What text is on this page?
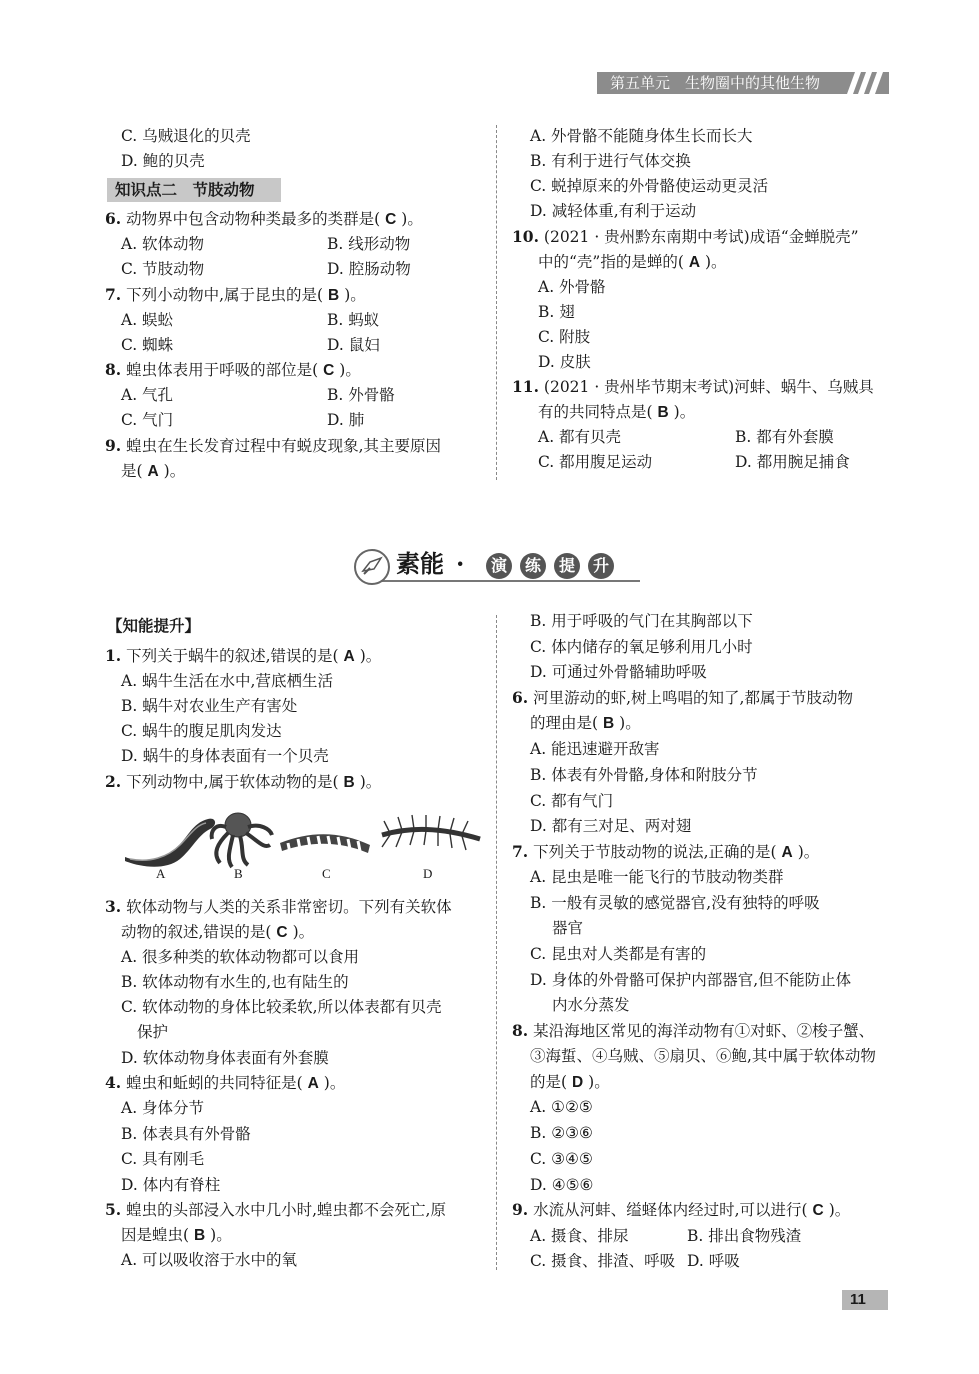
第五单元　生物圈中的其他生物
C. 乌贼退化的贝壳
D. 鲍的贝壳
知识点二　节肢动物
6. 动物界中包含动物种类最多的类群是( C )。
A. 软体动物	B. 线形动物
C. 节肢动物	D. 腔肠动物
7. 下列小动物中,属于昆虫的是( B )。
A. 蜈蚣	B. 蚂蚁
C. 蜘蛛	D. 鼠妇
8. 蝗虫体表用于呼吸的部位是( C )。
A. 气孔	B. 外骨骼
C. 气门	D. 肺
9. 蝗虫在生长发育过程中有蜕皮现象,其主要原因
是( A )。
A. 外骨骼不能随身体生长而长大
B. 有利于进行气体交换
C. 蜕掉原来的外骨骼使运动更灵活
D. 减轻体重,有利于运动
10. (2021 · 贵州黔东南期中考试)成语“金蝉脱壳”
中的“壳”指的是蝉的( A )。
A. 外骨骼
B. 翅
C. 附肢
D. 皮肤
11. (2021 · 贵州毕节期末考试)河蚌、蜗牛、乌贼具
有的共同特点是( B )。
A. 都有贝壳	B. 都有外套膜
C. 都用腹足运动	D. 都用腕足捕食
素能 ·	演	练	提	升
【知能提升】
1. 下列关于蜗牛的叙述,错误的是( A )。
A. 蜗牛生活在水中,营底栖生活
B. 蜗牛对农业生产有害处
C. 蜗牛的腹足肌肉发达
D. 蜗牛的身体表面有一个贝壳
2. 下列动物中,属于软体动物的是( B )。
A	B	C	D
3. 软体动物与人类的关系非常密切。下列有关软体
动物的叙述,错误的是( C )。
A. 很多种类的软体动物都可以食用
B. 软体动物有水生的,也有陆生的
C. 软体动物的身体比较柔软,所以体表都有贝壳
保护
D. 软体动物身体表面有外套膜
4. 蝗虫和蚯蚓的共同特征是( A )。
A. 身体分节
B. 体表具有外骨骼
C. 具有刚毛
D. 体内有脊柱
5. 蝗虫的头部浸入水中几小时,蝗虫都不会死亡,原
因是蝗虫( B )。
A. 可以吸收溶于水中的氧
B. 用于呼吸的气门在其胸部以下
C. 体内储存的氧足够利用几小时
D. 可通过外骨骼辅助呼吸
6. 河里游动的虾,树上鸣唱的知了,都属于节肢动物
的理由是( B )。
A. 能迅速避开敌害
B. 体表有外骨骼,身体和附肢分节
C. 都有气门
D. 都有三对足、两对翅
7. 下列关于节肢动物的说法,正确的是( A )。
A. 昆虫是唯一能飞行的节肢动物类群
B. 一般有灵敏的感觉器官,没有独特的呼吸
器官
C. 昆虫对人类都是有害的
D. 身体的外骨骼可保护内部器官,但不能防止体
内水分蒸发
8. 某沿海地区常见的海洋动物有①对虾、②梭子蟹、
③海蜇、④乌贼、⑤扇贝、⑥鲍,其中属于软体动物
的是( D )。
A. ①②⑤
B. ②③⑥
C. ③④⑤
D. ④⑤⑥
9. 水流从河蚌、缢蛏体内经过时,可以进行( C )。
A. 摄食、排尿	B. 排出食物残渣
C. 摄食、排渣、呼吸 D. 呼吸
11
